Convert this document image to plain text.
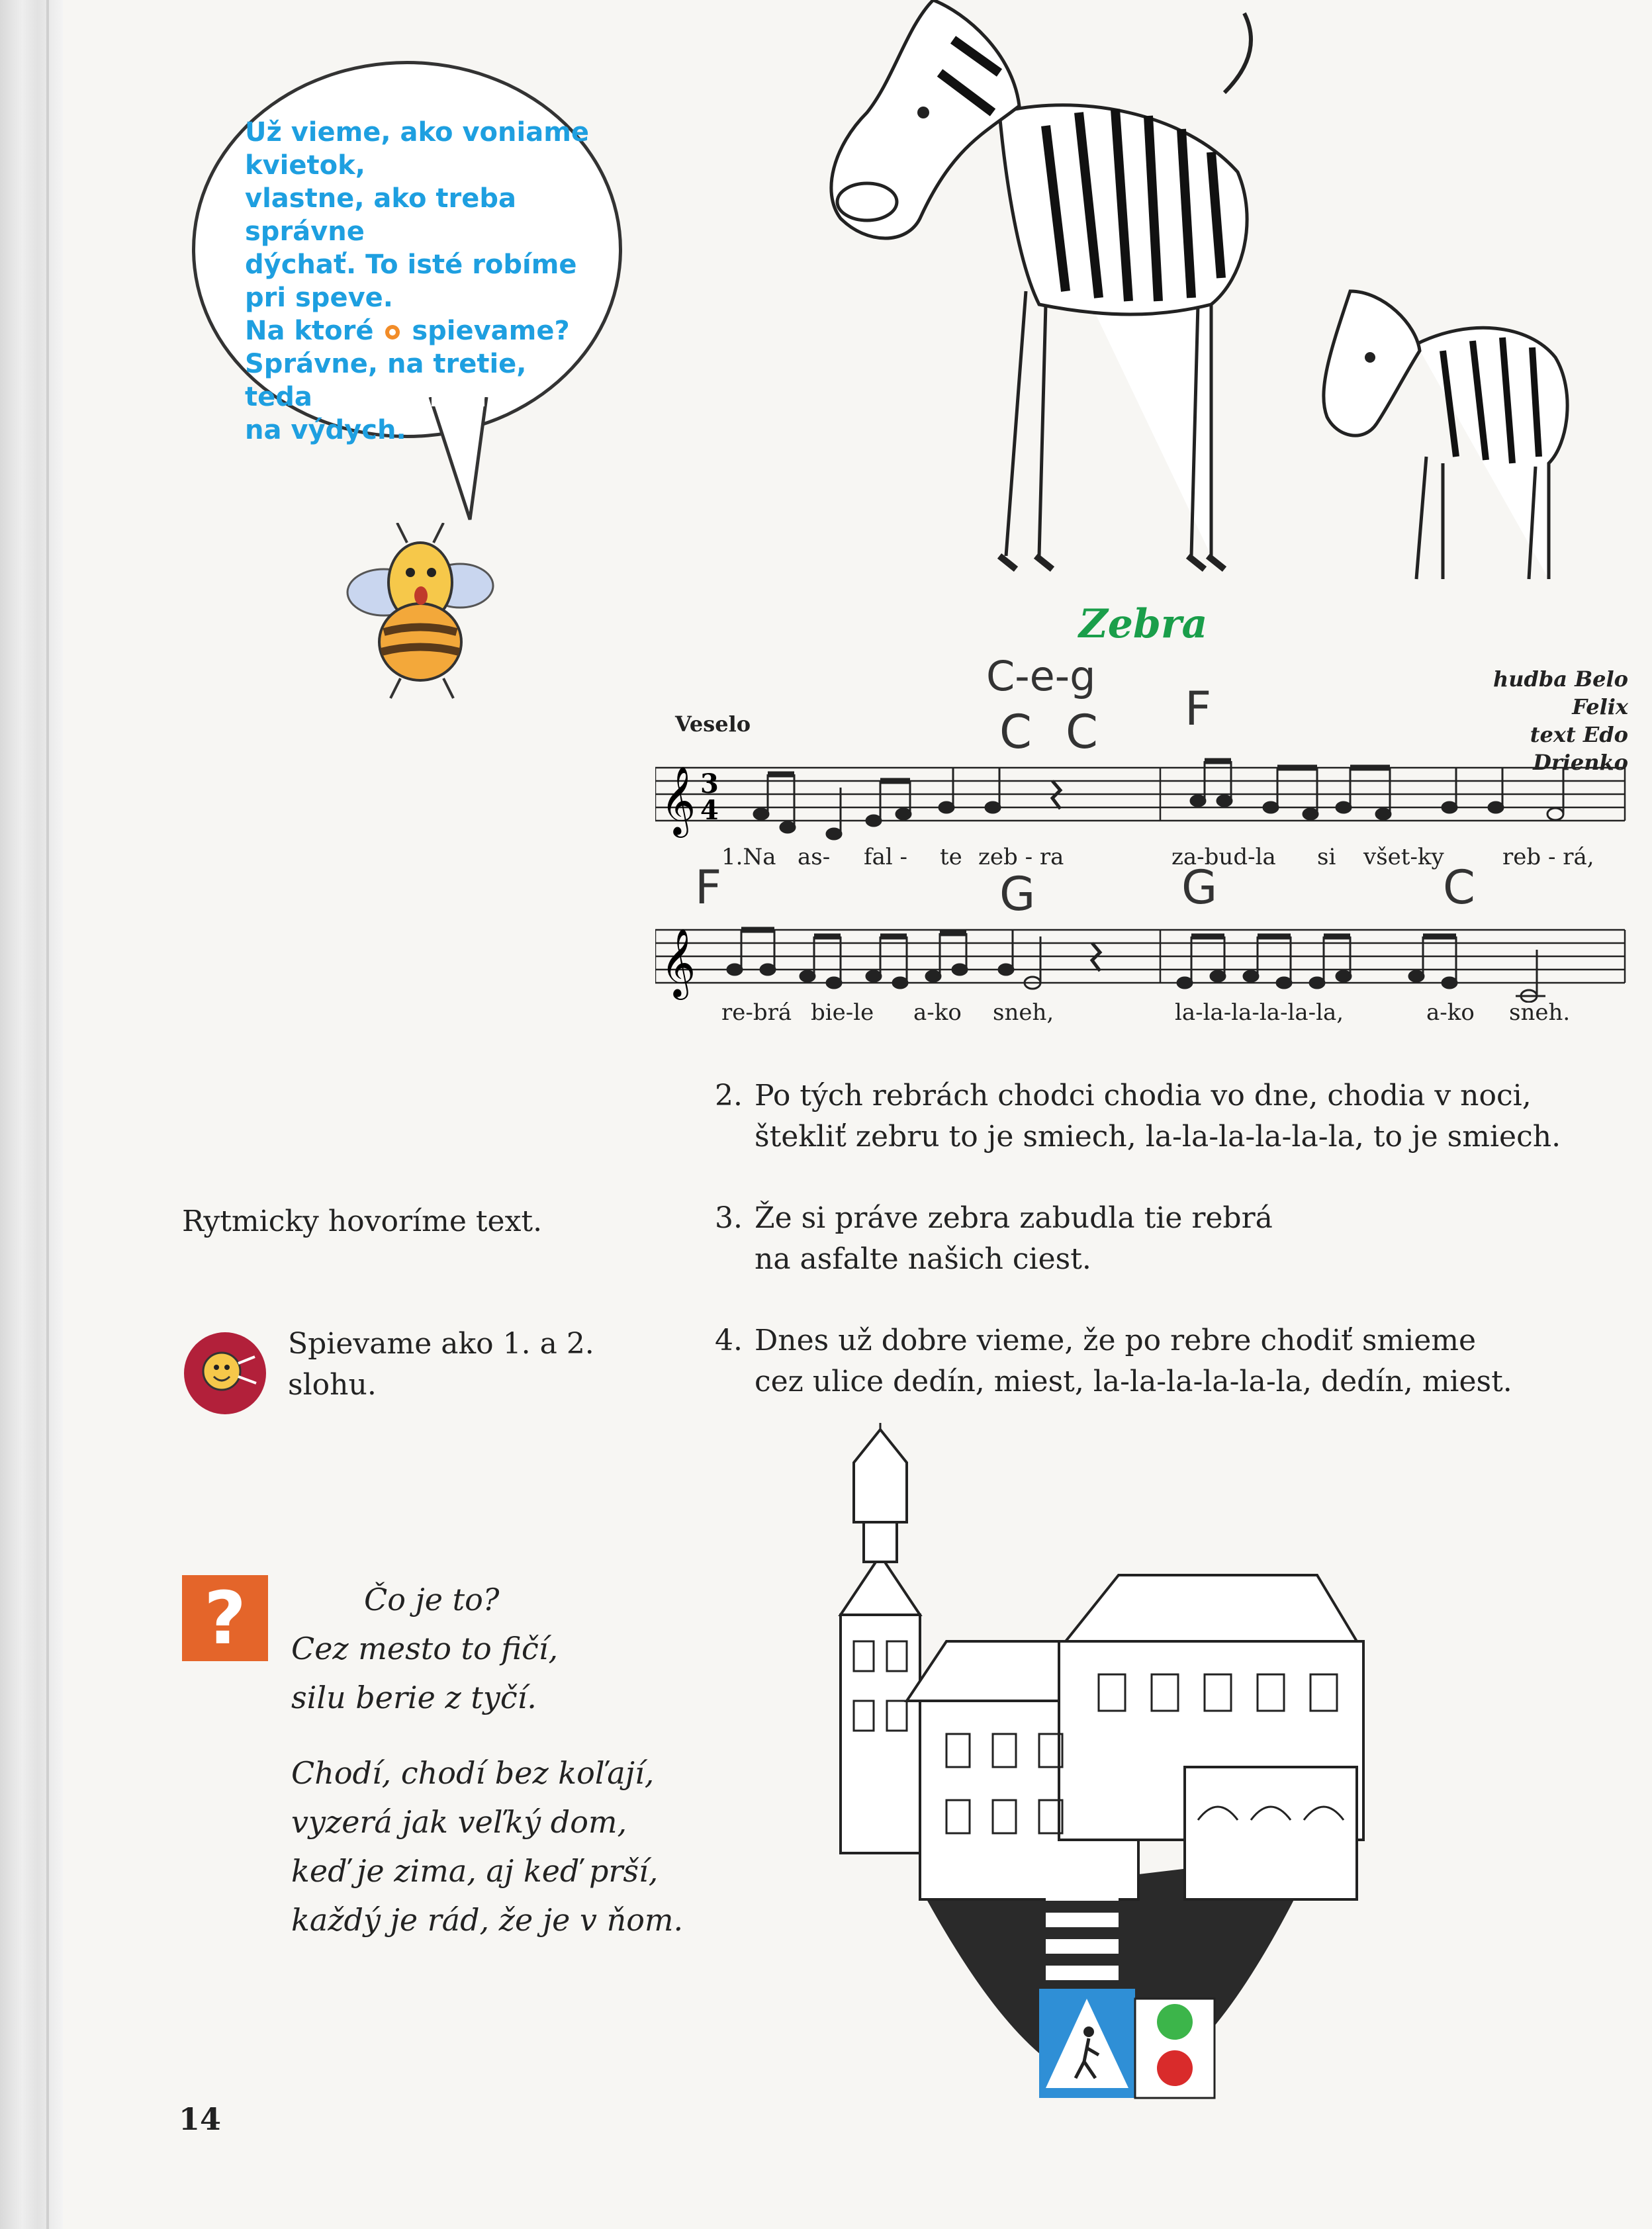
Už vieme, ako voniame
kvietok,
vlastne, ako treba správne
dýchať. To isté robíme
pri speve.
Na ktoré spievame?
Správne, na tretie, teda
na výdych.
Zebra
hudba Belo Felix
text Edo Drienko
Veselo
C-e-g
C
C	F
F	G	G	C
𝄞 3
4
1.Na as- fal - te zeb - ra	za-bud-la si všet-ky	reb - rá,
𝄞
re-brá bie-le a-ko sneh,	la-la-la-la-la-la,	a-ko sneh.
2. Po tých rebrách chodci chodia vo dne, chodia v noci,
štekliť zebru to je smiech, la-la-la-la-la-la, to je smiech.
3. Že si práve zebra zabudla tie rebrá
na asfalte našich ciest.
4. Dnes už dobre vieme, že po rebre chodiť smieme
cez ulice dedín, miest, la-la-la-la-la-la, dedín, miest.
Rytmicky hovoríme text.
Spievame ako 1. a 2.
slohu.
?	Čo je to?
Cez mesto to fičí,
silu berie z tyčí.
Chodí, chodí bez koľají,
vyzerá jak veľký dom,
keď je zima, aj keď prší,
každý je rád, že je v ňom.
14
